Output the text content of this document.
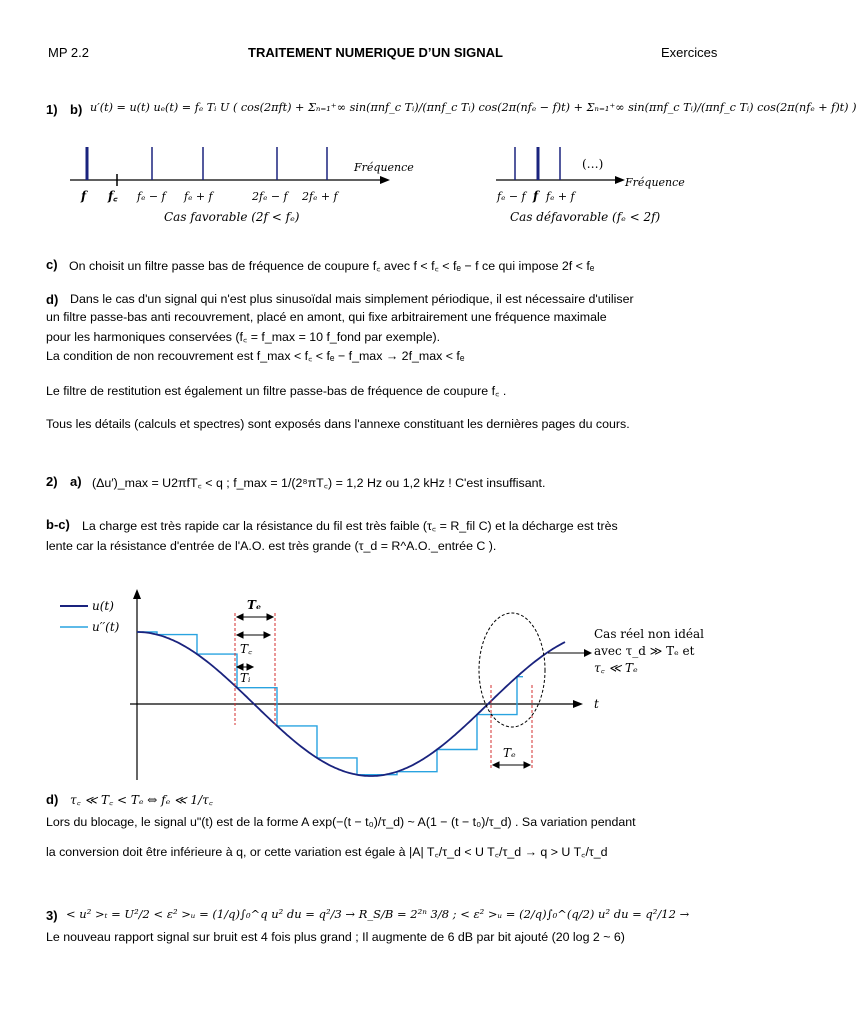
MP 2.2	TRAITEMENT NUMERIQUE D’UN SIGNAL	Exercices
1) b) u′(t) = u(t) uₑ(t) = fₑ Tᵢ U ( cos(2πft) + Σₙ₌₁⁺∞ sin(πnf_c Tᵢ)/(πnf_c Tᵢ) cos(2π(nfₑ − f)t) + Σₙ₌₁⁺∞ sin(πnf_c Tᵢ)/(πnf_c Tᵢ) cos(2π(nfₑ + f)t) )
Fréquence
f f꜀ fₑ − f fₑ + f	2fₑ − f 2fₑ + f
Cas favorable (2f < fₑ)
(…)
Fréquence
fₑ − f f fₑ + f
Cas défavorable (fₑ < 2f)
c) On choisit un filtre passe bas de fréquence de coupure f꜀ avec f < f꜀ < fₑ − f ce qui impose 2f < fₑ
d) Dans le cas d'un signal qui n'est plus sinusoïdal mais simplement périodique, il est nécessaire d'utiliser
un filtre passe-bas anti recouvrement, placé en amont, qui fixe arbitrairement une fréquence maximale
pour les harmoniques conservées (f꜀ = f_max = 10 f_fond par exemple).
La condition de non recouvrement est f_max < f꜀ < fₑ − f_max → 2f_max < fₑ
Le filtre de restitution est également un filtre passe-bas de fréquence de coupure f꜀ .
Tous les détails (calculs et spectres) sont exposés dans l'annexe constituant les dernières pages du cours.
2) a) (Δu′)_max = U2πfT꜀ < q ; f_max = 1/(2⁸πT꜀) = 1,2 Hz ou 1,2 kHz ! C'est insuffisant.
b-c) La charge est très rapide car la résistance du fil est très faible (τ꜀ = R_fil C) et la décharge est très
lente car la résistance d'entrée de l'A.O. est très grande (τ_d = R^A.O._entrée C ).
u(t)
u′′(t)
t
Tₑ
T꜀
Tᵢ
Tₑ
Cas réel non idéal
avec τ_d ≫ Tₑ et
τ꜀ ≪ Tₑ
d) τ꜀ ≪ T꜀ < Tₑ ⇔ fₑ ≪ 1/τ꜀
Lors du blocage, le signal u"(t) est de la forme A exp(−(t − t₀)/τ_d) ~ A(1 − (t − t₀)/τ_d) . Sa variation pendant
la conversion doit être inférieure à q, or cette variation est égale à |A| T꜀/τ_d < U T꜀/τ_d → q > U T꜀/τ_d
3) < u² >ₜ = U²/2 < ε² >ᵤ = (1/q)∫₀^q u² du = q²/3 → R_S/B = 2²ⁿ 3/8 ; < ε² >ᵤ = (2/q)∫₀^(q/2) u² du = q²/12 →
Le nouveau rapport signal sur bruit est 4 fois plus grand ; Il augmente de 6 dB par bit ajouté (20 log 2 ~ 6)
